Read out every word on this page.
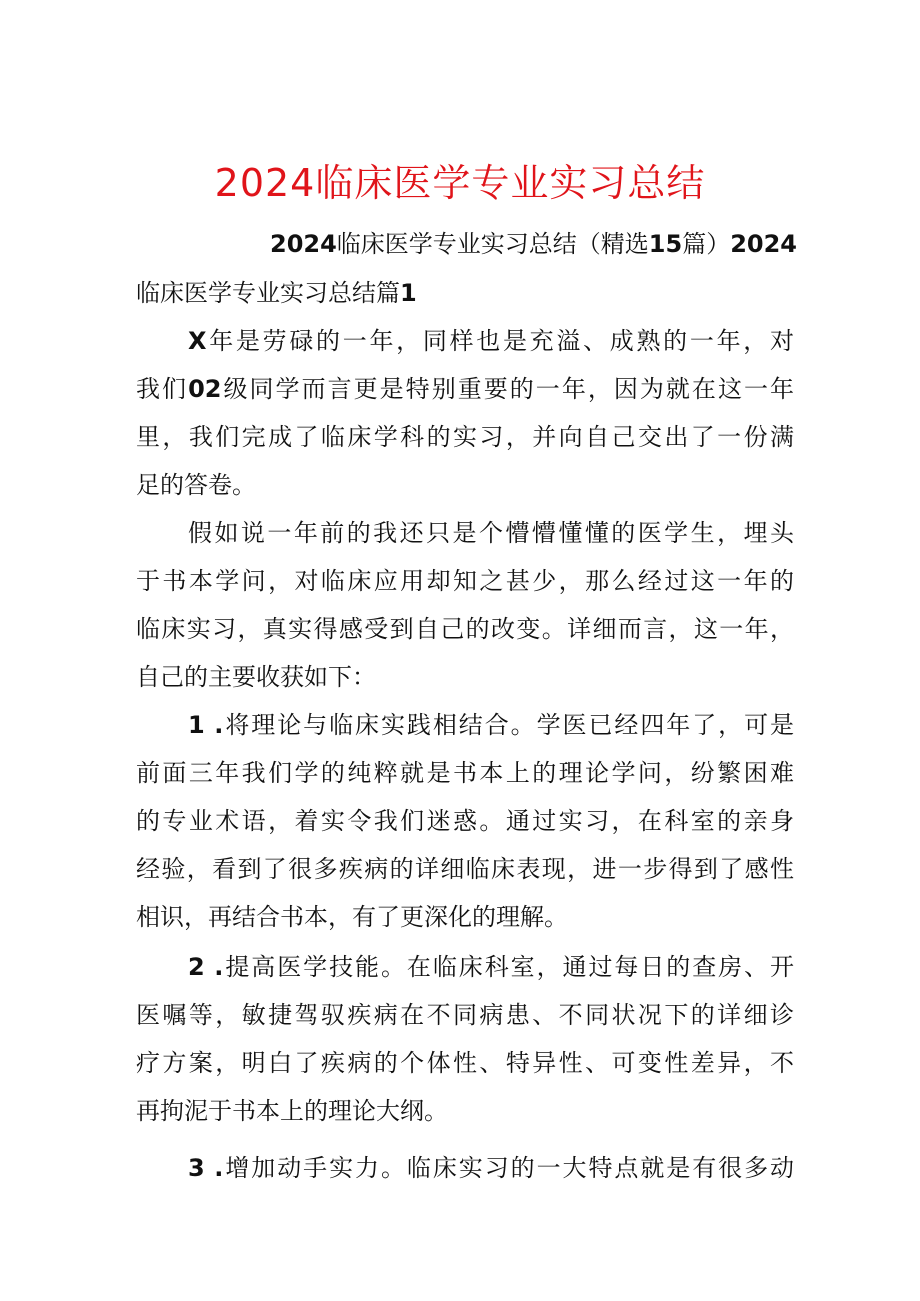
2024临床医学专业实习总结
2024临床医学专业实习总结（精选15篇）2024
临床医学专业实习总结篇1
X年是劳碌的一年，同样也是充溢、成熟的一年，对
我们02级同学而言更是特别重要的一年，因为就在这一年
里，我们完成了临床学科的实习，并向自己交出了一份满
足的答卷。
假如说一年前的我还只是个懵懵懂懂的医学生，埋头
于书本学问，对临床应用却知之甚少，那么经过这一年的
临床实习，真实得感受到自己的改变。详细而言，这一年，
自己的主要收获如下：
1 .将理论与临床实践相结合。学医已经四年了，可是
前面三年我们学的纯粹就是书本上的理论学问，纷繁困难
的专业术语，着实令我们迷惑。通过实习，在科室的亲身
经验，看到了很多疾病的详细临床表现，进一步得到了感性
相识，再结合书本，有了更深化的理解。
2 .提高医学技能。在临床科室，通过每日的查房、开
医嘱等，敏捷驾驭疾病在不同病患、不同状况下的详细诊
疗方案，明白了疾病的个体性、特异性、可变性差异，不
再拘泥于书本上的理论大纲。
3 .增加动手实力。临床实习的一大特点就是有很多动
